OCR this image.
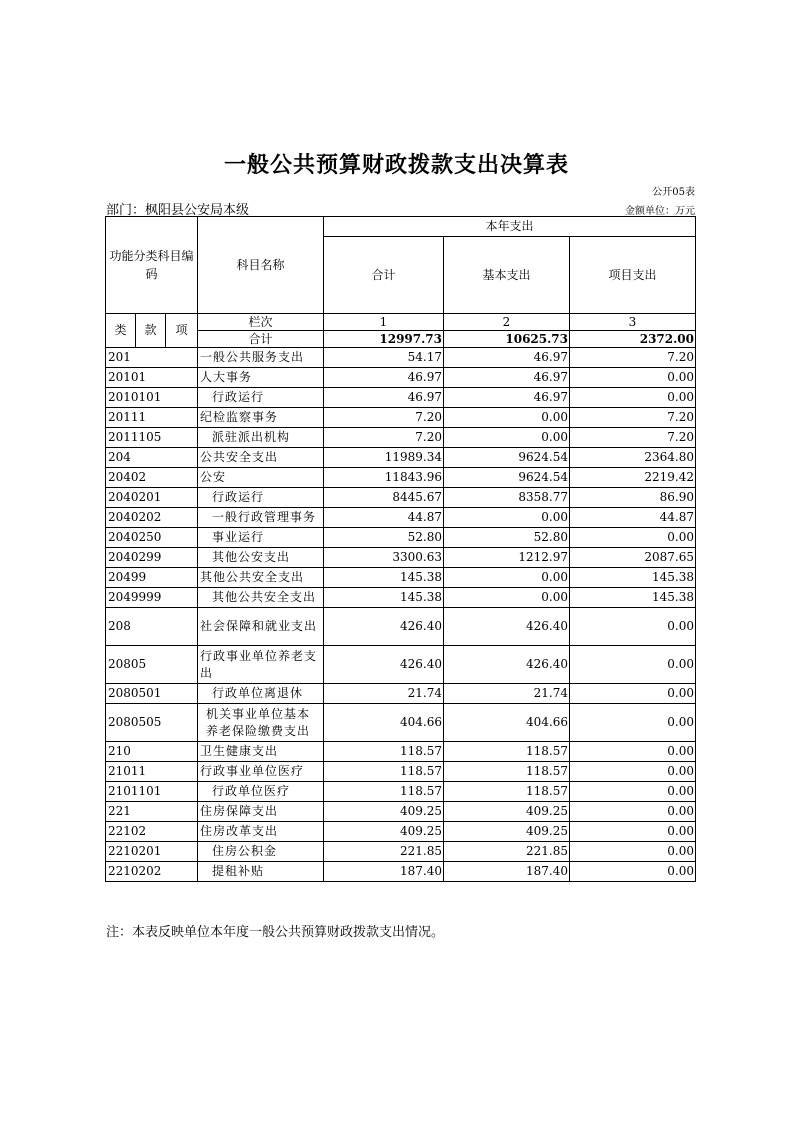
一般公共预算财政拨款支出决算表
公开05表
部门：枫阳县公安局本级	金额单位：万元
功能分类科目编码			科目名称	本年支出		
				合计	基本支出	项目支出
类	款	项	栏次	1	2	3
			合计	12997.73	10625.73	2372.00
201			一般公共服务支出	54.17	46.97	7.20
20101			人大事务	46.97	46.97	0.00
2010101			行政运行	46.97	46.97	0.00
20111			纪检监察事务	7.20	0.00	7.20
2011105			派驻派出机构	7.20	0.00	7.20
204			公共安全支出	11989.34	9624.54	2364.80
20402			公安	11843.96	9624.54	2219.42
2040201			行政运行	8445.67	8358.77	86.90
2040202			一般行政管理事务	44.87	0.00	44.87
2040250			事业运行	52.80	52.80	0.00
2040299			其他公安支出	3300.63	1212.97	2087.65
20499			其他公共安全支出	145.38	0.00	145.38
2049999			其他公共安全支出	145.38	0.00	145.38
208			社会保障和就业支出	426.40	426.40	0.00
20805			行政事业单位养老支出	426.40	426.40	0.00
2080501			行政单位离退休	21.74	21.74	0.00
2080505			机关事业单位基本养老保险缴费支出	404.66	404.66	0.00
210			卫生健康支出	118.57	118.57	0.00
21011			行政事业单位医疗	118.57	118.57	0.00
2101101			行政单位医疗	118.57	118.57	0.00
221			住房保障支出	409.25	409.25	0.00
22102			住房改革支出	409.25	409.25	0.00
2210201			住房公积金	221.85	221.85	0.00
2210202			提租补贴	187.40	187.40	0.00
注：本表反映单位本年度一般公共预算财政拨款支出情况。
